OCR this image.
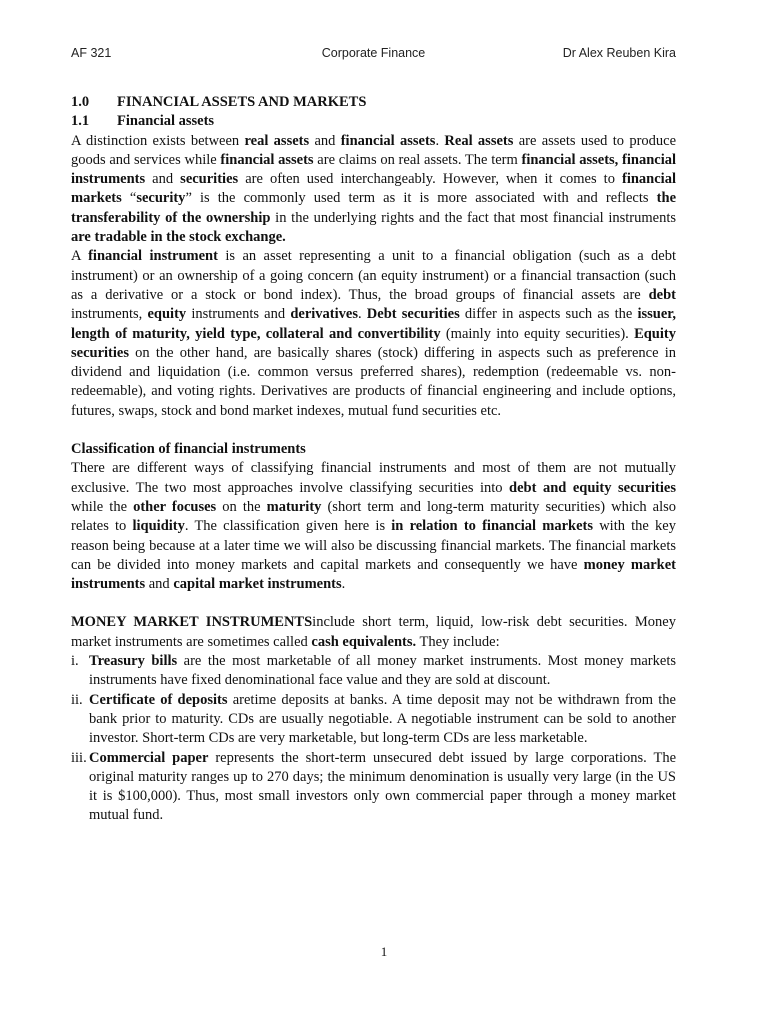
AF 321	Corporate Finance	Dr Alex Reuben Kira
1.0 FINANCIAL ASSETS AND MARKETS
1.1 Financial assets

A distinction exists between real assets and financial assets. Real assets are assets used to produce goods and services while financial assets are claims on real assets. The term financial assets, financial instruments and securities are often used interchangeably. However, when it comes to financial markets “security” is the commonly used term as it is more associated with and reflects the transferability of the ownership in the underlying rights and the fact that most financial instruments are tradable in the stock exchange.

A financial instrument is an asset representing a unit to a financial obligation (such as a debt instrument) or an ownership of a going concern (an equity instrument) or a financial transaction (such as a derivative or a stock or bond index). Thus, the broad groups of financial assets are debt instruments, equity instruments and derivatives. Debt securities differ in aspects such as the issuer, length of maturity, yield type, collateral and convertibility (mainly into equity securities). Equity securities on the other hand, are basically shares (stock) differing in aspects such as preference in dividend and liquidation (i.e. common versus preferred shares), redemption (redeemable vs. non-redeemable), and voting rights. Derivatives are products of financial engineering and include options, futures, swaps, stock and bond market indexes, mutual fund securities etc.

Classification of financial instruments

There are different ways of classifying financial instruments and most of them are not mutually exclusive. The two most approaches involve classifying securities into debt and equity securities while the other focuses on the maturity (short term and long-term maturity securities) which also relates to liquidity. The classification given here is in relation to financial markets with the key reason being because at a later time we will also be discussing financial markets. The financial markets can be divided into money markets and capital markets and consequently we have money market instruments and capital market instruments.

MONEY MARKET INSTRUMENTSinclude short term, liquid, low-risk debt securities. Money market instruments are sometimes called cash equivalents. They include:

i. Treasury bills are the most marketable of all money market instruments. Most money markets instruments have fixed denominational face value and they are sold at discount.
ii. Certificate of deposits aretime deposits at banks. A time deposit may not be withdrawn from the bank prior to maturity. CDs are usually negotiable. A negotiable instrument can be sold to another investor. Short-term CDs are very marketable, but long-term CDs are less marketable.
iii. Commercial paper represents the short-term unsecured debt issued by large corporations. The original maturity ranges up to 270 days; the minimum denomination is usually very large (in the US it is $100,000). Thus, most small investors only own commercial paper through a money market mutual fund.
1
